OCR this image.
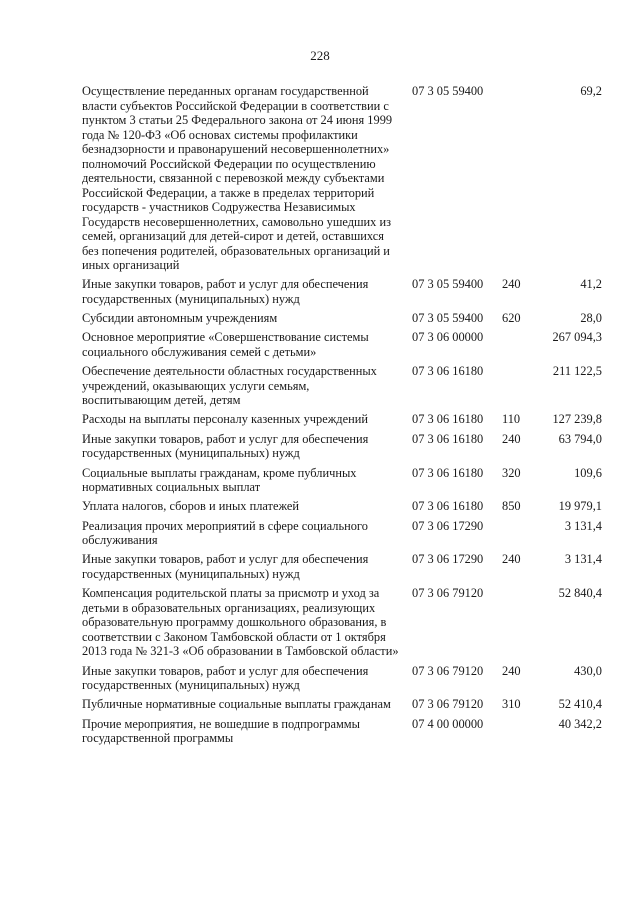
228
Осуществление переданных органам государственной власти субъектов Российской Федерации в соответствии с пунктом 3 статьи 25 Федерального закона от 24 июня 1999 года № 120-ФЗ «Об основах системы профилактики безнадзорности и правонарушений несовершеннолетних» полномочий Российской Федерации по осуществлению деятельности, связанной с перевозкой между субъектами Российской Федерации, а также в пределах территорий государств - участников Содружества Независимых Государств несовершеннолетних, самовольно ушедших из семей, организаций для детей-сирот и детей, оставшихся без попечения родителей, образовательных организаций и иных организаций
07 3 05 59400	69,2
Иные закупки товаров, работ и услуг для обеспечения государственных (муниципальных) нужд
07 3 05 59400	240	41,2
Субсидии автономным учреждениям	07 3 05 59400	620	28,0
Основное мероприятие «Совершенствование системы социального обслуживания семей с детьми»
07 3 06 00000	267 094,3
Обеспечение деятельности областных государственных учреждений, оказывающих услуги семьям, воспитывающим детей, детям
07 3 06 16180	211 122,5
Расходы на выплаты персоналу казенных учреждений	07 3 06 16180	110	127 239,8
Иные закупки товаров, работ и услуг для обеспечения государственных (муниципальных) нужд
07 3 06 16180	240	63 794,0
Социальные выплаты гражданам, кроме публичных нормативных социальных выплат
07 3 06 16180	320	109,6
Уплата налогов, сборов и иных платежей	07 3 06 16180	850	19 979,1
Реализация прочих мероприятий в сфере социального обслуживания
07 3 06 17290	3 131,4
Иные закупки товаров, работ и услуг для обеспечения государственных (муниципальных) нужд
07 3 06 17290	240	3 131,4
Компенсация родительской платы за присмотр и уход за детьми в образовательных организациях, реализующих образовательную программу дошкольного образования, в соответствии с Законом Тамбовской области от 1 октября 2013 года № 321-З «Об образовании в Тамбовской области»
07 3 06 79120	52 840,4
Иные закупки товаров, работ и услуг для обеспечения государственных (муниципальных) нужд
07 3 06 79120	240	430,0
Публичные нормативные социальные выплаты гражданам	07 3 06 79120	310	52 410,4
Прочие мероприятия, не вошедшие в подпрограммы государственной программы
07 4 00 00000	40 342,2
